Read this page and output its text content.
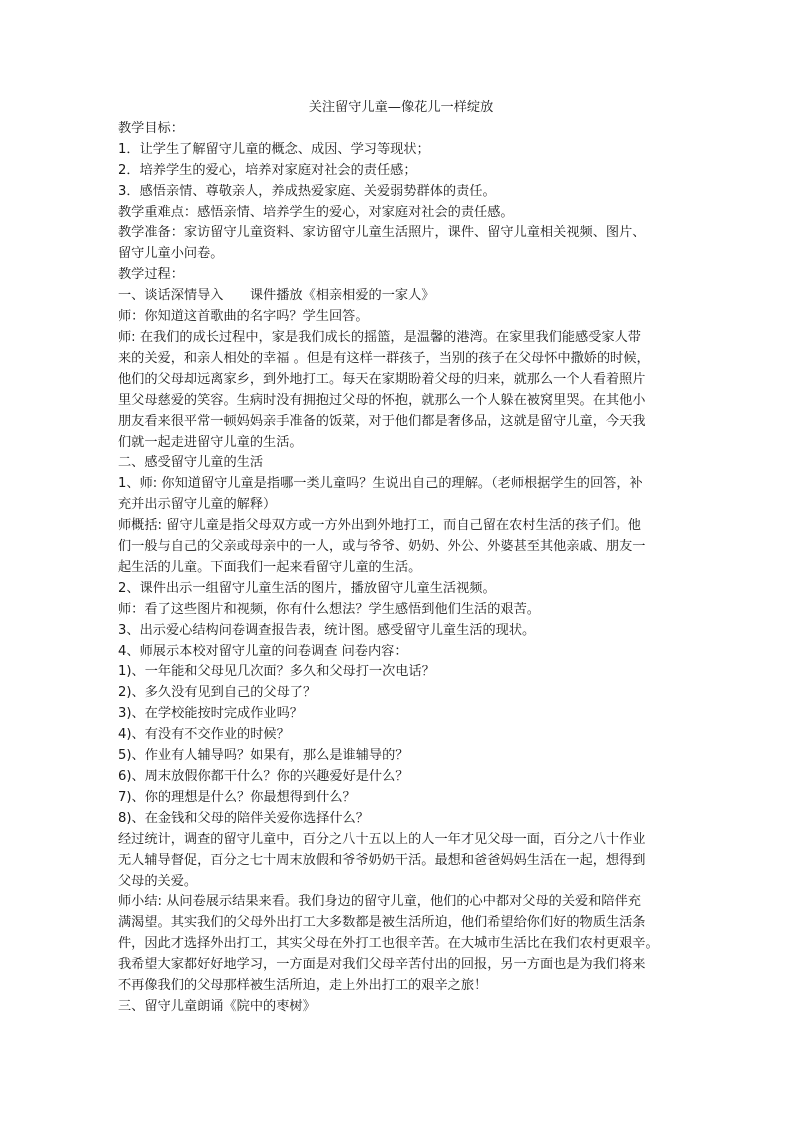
关注留守儿童—像花儿一样绽放
教学目标：
1．让学生了解留守儿童的概念、成因、学习等现状；
2．培养学生的爱心，培养对家庭对社会的责任感；
3．感悟亲情、尊敬亲人，养成热爱家庭、关爱弱势群体的责任。
教学重难点：感悟亲情、培养学生的爱心，对家庭对社会的责任感。
教学准备：家访留守儿童资料、家访留守儿童生活照片，课件、留守儿童相关视频、图片、
留守儿童小问卷。
教学过程：
一、谈话深情导入　　课件播放《相亲相爱的一家人》
师：你知道这首歌曲的名字吗？学生回答。
师: 在我们的成长过程中，家是我们成长的摇篮，是温馨的港湾。在家里我们能感受家人带
来的关爱，和亲人相处的幸福 。但是有这样一群孩子，当别的孩子在父母怀中撒娇的时候，
他们的父母却远离家乡，到外地打工。每天在家期盼着父母的归来，就那么一个人看着照片
里父母慈爱的笑容。生病时没有拥抱过父母的怀抱，就那么一个人躲在被窝里哭。在其他小
朋友看来很平常一顿妈妈亲手准备的饭菜，对于他们都是奢侈品，这就是留守儿童，今天我
们就一起走进留守儿童的生活。
二、感受留守儿童的生活
1、师: 你知道留守儿童是指哪一类儿童吗？生说出自己的理解。（老师根据学生的回答，补
充并出示留守儿童的解释）
师概括: 留守儿童是指父母双方或一方外出到外地打工，而自己留在农村生活的孩子们。他
们一般与自己的父亲或母亲中的一人，或与爷爷、奶奶、外公、外婆甚至其他亲戚、朋友一
起生活的儿童。下面我们一起来看留守儿童的生活。
2、课件出示一组留守儿童生活的图片，播放留守儿童生活视频。
师：看了这些图片和视频，你有什么想法？学生感悟到他们生活的艰苦。
3、出示爱心结构问卷调查报告表，统计图。感受留守儿童生活的现状。
4、师展示本校对留守儿童的问卷调查 问卷内容：
1)、一年能和父母见几次面？多久和父母打一次电话？
2)、多久没有见到自己的父母了？
3)、在学校能按时完成作业吗？
4)、有没有不交作业的时候？
5)、作业有人辅导吗？如果有，那么是谁辅导的？
6)、周末放假你都干什么？你的兴趣爱好是什么？
7)、你的理想是什么？你最想得到什么？
8)、在金钱和父母的陪伴关爱你选择什么？
经过统计，调查的留守儿童中，百分之八十五以上的人一年才见父母一面，百分之八十作业
无人辅导督促，百分之七十周末放假和爷爷奶奶干活。最想和爸爸妈妈生活在一起，想得到
父母的关爱。
师小结: 从问卷展示结果来看。我们身边的留守儿童，他们的心中都对父母的关爱和陪伴充
满渴望。其实我们的父母外出打工大多数都是被生活所迫，他们希望给你们好的物质生活条
件，因此才选择外出打工，其实父母在外打工也很辛苦。在大城市生活比在我们农村更艰辛。
我希望大家都好好地学习，一方面是对我们父母辛苦付出的回报，另一方面也是为我们将来
不再像我们的父母那样被生活所迫，走上外出打工的艰辛之旅！
三、留守儿童朗诵《院中的枣树》
